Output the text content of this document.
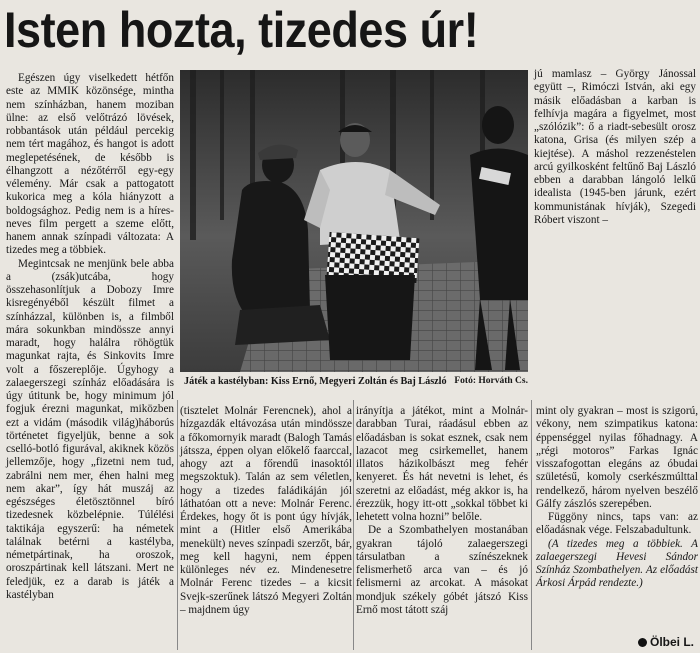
Isten hozta, tizedes úr!

Egészen úgy viselkedett hétfőn este az MMIK közönsége, mintha nem színházban, hanem moziban ülne: az első velőtrázó lövések, robbantások után például percekig nem tért magához, és hangot is adott meglepetésének, de később is élhangzott a nézőtérről egy-egy vélemény. Már csak a pattogatott kukorica meg a kóla hiányzott a boldogsághoz. Pedig nem is a híres-neves film pergett a szeme előtt, hanem annak színpadi változata: A tizedes meg a többiek.

Megintcsak ne menjünk bele abba a (zsák)utcába, hogy összehasonlítjuk a Dobozy Imre kisregényéből készült filmet a színházzal, különben is, a filmből mára sokunkban mindössze annyi maradt, hogy halálra röhögtük magunkat rajta, és Sinkovits Imre volt a főszereplője. Úgyhogy a zalaegerszegi színház előadására is úgy útitunk be, hogy minimum jól fogjuk érezni magunkat, miközben ezt a vidám (második világ)háborús történetet figyeljük, benne a sok cselló-botló figurával, akiknek közös jellemzője, hogy „fizetni nem tud, zabrálni nem mer, éhen halni meg nem akar”, így hát muszáj az egészséges életösztönnel bíró tizedesnek közbelépnie. Túlélési taktikája egyszerű: ha németek találnak betérni a kastélyba, németpártinak, ha oroszok, oroszpártinak kell látszani. Mert ne feledjük, ez a darab is játék a kastélyban

Játék a kastélyban: Kiss Ernő, Megyeri Zoltán és Baj László Fotó: Horváth Cs.

jú mamlasz – György Jánossal együtt –, Rimóczi István, aki egy másik előadásban a karban is felhívja magára a figyelmet, most „szólózik”: ő a riadt-sebesült orosz katona, Grisa (és milyen szép a kiejtése). A máshol rezzenéstelen arcú gyilkosként feltűnő Baj László ebben a darabban lángoló lelkű idealista (1945-ben járunk, ezért kommunistának hívják), Szegedi Róbert viszont –

(tisztelet Molnár Ferencnek), ahol a hízgazdák eltávozása után mindössze a főkomornyik maradt (Balogh Tamás játssza, éppen olyan előkelő faarccal, ahogy azt a főrendű inasoktól megszoktuk). Talán az sem véletlen, hogy a tizedes faládikáján jól láthatóan ott a neve: Molnár Ferenc. Érdekes, hogy őt is pont úgy hívják, mint a (Hitler első Amerikába menekült) neves színpadi szerzőt, bár, meg kell hagyni, nem éppen különleges név ez. Mindenesetre Molnár Ferenc tizedes – a kicsit Svejk-szerűnek látszó Megyeri Zoltán – majdnem úgy

irányítja a játékot, mint a Molnár-darabban Turai, ráadásul ebben az előadásban is sokat esznek, csak nem lazacot meg csirkemellet, hanem illatos házikolbászt meg fehér kenyeret. És hát nevetni is lehet, és szeretni az előadást, még akkor is, ha érezzük, hogy itt-ott „sokkal többet ki lehetett volna hozni” belőle.

De a Szombathelyen mostanában gyakran tájoló zalaegerszegi társulatban a színészeknek felismerhető arca van – és jó felismerni az arcokat. A másokat mondjuk székely góbét játszó Kiss Ernő most tátott száj

mint oly gyakran – most is szigorú, vékony, nem szimpatikus katona: éppenséggel nyilas főhadnagy. A „régi motoros” Farkas Ignác visszafogottan elegáns az óbudai születésű, komoly cserkészmúlttal rendelkező, három nyelven beszélő Gálfy zászlós szerepében.

Függöny nincs, taps van: az előadásnak vége. Felszabadultunk.

(A tizedes meg a többiek. A zalaegerszegi Hevesi Sándor Színház Szombathelyen. Az előadást Árkosi Árpád rendezte.)

Ölbei L.
